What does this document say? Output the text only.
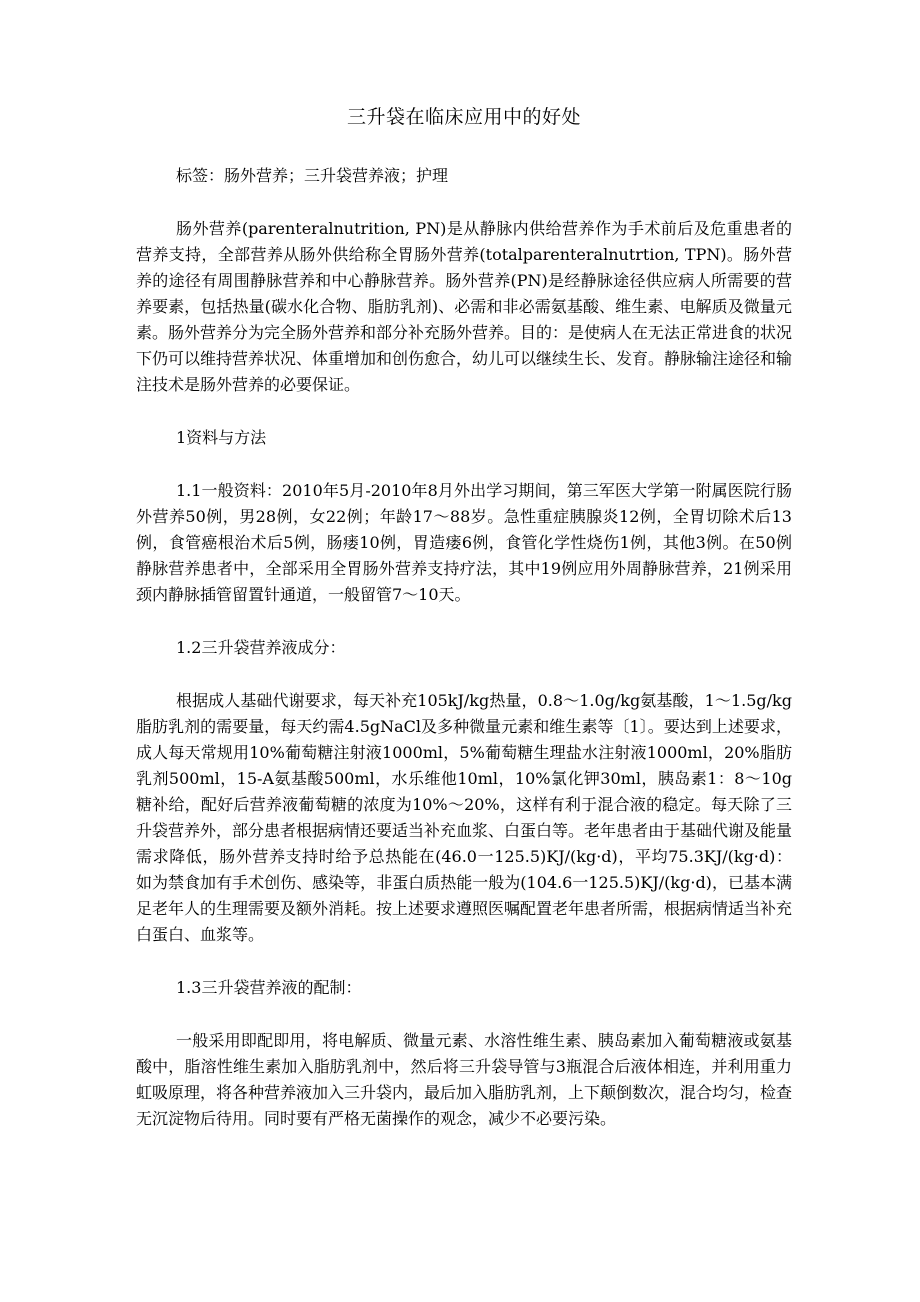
三升袋在临床应用中的好处

标签：肠外营养；三升袋营养液；护理

肠外营养(parenteralnutrition, PN)是从静脉内供给营养作为手术前后及危重患者的营养支持，全部营养从肠外供给称全胃肠外营养(totalparenteralnutrtion, TPN)。肠外营养的途径有周围静脉营养和中心静脉营养。肠外营养(PN)是经静脉途径供应病人所需要的营养要素，包括热量(碳水化合物、脂肪乳剂)、必需和非必需氨基酸、维生素、电解质及微量元素。肠外营养分为完全肠外营养和部分补充肠外营养。目的：是使病人在无法正常进食的状况下仍可以维持营养状况、体重增加和创伤愈合，幼儿可以继续生长、发育。静脉输注途径和输注技术是肠外营养的必要保证。

1资料与方法

1.1一般资料：2010年5月-2010年8月外出学习期间，第三军医大学第一附属医院行肠外营养50例，男28例，女22例；年龄17〜88岁。急性重症胰腺炎12例，全胃切除术后13例，食管癌根治术后5例，肠瘘10例，胃造瘘6例，食管化学性烧伤1例，其他3例。在50例静脉营养患者中，全部采用全胃肠外营养支持疗法，其中19例应用外周静脉营养，21例采用颈内静脉插管留置针通道，一般留管7〜10天。

1.2三升袋营养液成分：

根据成人基础代谢要求，每天补充105kJ/kg热量，0.8〜1.0g/kg氨基酸，1〜1.5g/kg脂肪乳剂的需要量，每天约需4.5gNaCl及多种微量元素和维生素等〔1〕。要达到上述要求，成人每天常规用10%葡萄糖注射液1000ml，5%葡萄糖生理盐水注射液1000ml，20%脂肪乳剂500ml，15-A氨基酸500ml，水乐维他10ml，10%氯化钾30ml，胰岛素1：8〜10g糖补给，配好后营养液葡萄糖的浓度为10%〜20%，这样有利于混合液的稳定。每天除了三升袋营养外，部分患者根据病情还要适当补充血浆、白蛋白等。老年患者由于基础代谢及能量需求降低，肠外营养支持时给予总热能在(46.0一125.5)KJ/(kg·d)，平均75.3KJ/(kg·d)：如为禁食加有手术创伤、感染等，非蛋白质热能一般为(104.6一125.5)KJ/(kg·d)，已基本满足老年人的生理需要及额外消耗。按上述要求遵照医嘱配置老年患者所需，根据病情适当补充白蛋白、血浆等。

1.3三升袋营养液的配制：

一般采用即配即用，将电解质、微量元素、水溶性维生素、胰岛素加入葡萄糖液或氨基酸中，脂溶性维生素加入脂肪乳剂中，然后将三升袋导管与3瓶混合后液体相连，并利用重力虹吸原理，将各种营养液加入三升袋内，最后加入脂肪乳剂，上下颠倒数次，混合均匀，检查无沉淀物后待用。同时要有严格无菌操作的观念，减少不必要污染。
